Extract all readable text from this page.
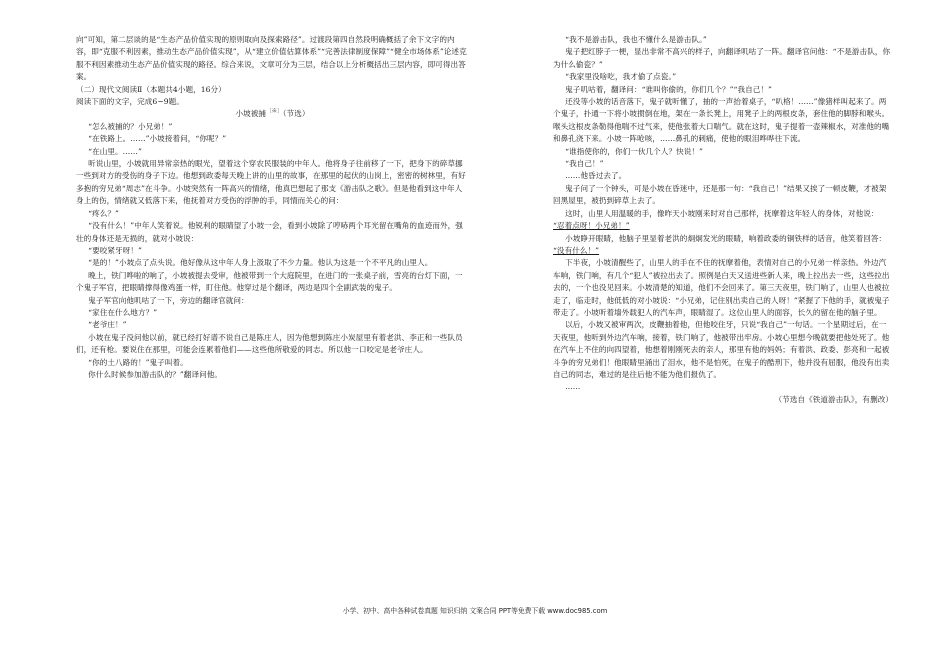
向”可知，第二层谈的是“生态产品价值实现的原则取向及探索路径”。过渡段第四自然段明确概括了余下文字的内容，即“克服不利因素，推动生态产品价值实现”，从“建立价值估算体系”“完善法律制度保障”“健全市场体系”论述克服不利因素推动生态产品价值实现的路径。综合来说，文章可分为三层，结合以上分析概括出三层内容，即可得出答案。

（二）现代文阅读Ⅱ（本题共4小题，16分）

阅读下面的文字，完成6~9题。

小坡被捕〔※〕（节选）

“怎么被捕的？小兄弟！”

“在铁路上。……”小坡接着问，“你呢？”

“在山里。……”

听说山里，小坡就用异常亲热的眼光，望着这个穿农民服装的中年人。他将身子往前移了一下，把身下的碎草挪一些到对方的受伤的身子下边。他想到政委每天晚上讲的山里的故事，在那里的起伏的山岗上，密密的树林里，有好多抱的穷兄弟“周志”在斗争。小坡突然有一阵高兴的情绪，他真巴想起了那支《游击队之歌》。但是他看到这中年人身上的伤，情绪就又低落下来，他抚着对方受伤的浮肿的手，同情而关心的问：

“疼么？”

“没有什么！”中年人笑着说。他锐利的眼睛望了小坡一会，看到小坡除了哼哧两个耳光留在嘴角的血迹而外，强壮的身体还是无损的，就对小坡说：

“要咬紧牙呀！”

“是的！”小坡点了点头说。他好像从这中年人身上汲取了不少力量。他认为这是一个不平凡的山里人。

晚上，铁门哗啦的响了，小坡被提去受审，他被带到一个大庭院里，在进门的一张桌子前，雪亮的台灯下面，一个鬼子军官，把眼睛撑得像鸡蛋一样，盯住他。他穿过是个翻译，两边是四个全副武装的鬼子。

鬼子军官向他叽咕了一下，旁边的翻译官就问：

“家住在什么地方？”

“老爷庄！”

小坡在鬼子没问他以前，就已经打好谱不说自己是陈庄人，因为他想到陈庄小炭屋里有着老洪、李正和一些队员们，还有枪。要说住在那里，可能会连累着他们——这些他所敬爱的同志。所以他一口咬定是老爷庄人。

“你的土八路的！”鬼子叫着。

你什么时候参加游击队的？”翻译问他。

“我不是游击队，我也不懂什么是游击队。”

鬼子把红脖子一梗，显出非常不高兴的样子，向翻译叽咕了一阵。翻译官问他：“不是游击队，你为什么偷瓷？”

“我家里没啥吃，我才偷了点瓷。”

鬼子叽咕着，翻译问：“谁叫你偷的，你们几个？”“我自己！”

还没等小坡的话音落下，鬼子就听懂了，抽的一声抬着桌子，“叭格！……”像猪样叫起来了。两个鬼子，扑通一下将小坡掼倒在地，架在一条长凳上，用凳子上的两根皮条，套住他的脚脖和喉头。喉头这根皮条勒得他喘不过气来，使他张着大口喘气。就在这时，鬼子提着一壶辣椒水，对准他的嘴和鼻孔浇下来。小坡一阵呛咳，……鼻孔的刺痛，使他的眼泪哗哗往下流。

“谁指使你的，你们一伙几个人？快说！”

“我自己！”

……他昏过去了。

鬼子问了一个钟头，可是小坡在昏迷中，还是那一句：“我自己！”结果又挨了一顿皮鞭，才被架回黑屋里，被扔到碎草上去了。

这时，山里人用温暖的手，像昨天小坡刚来时对自己那样，抚摩着这年轻人的身体，对他说：

“忍着点呀！小兄弟！”

小坡睁开眼睛，他脑子里显着老洪的炯炯发光的眼睛，响着政委的铜铁样的话音，他笑着回答：

“没有什么！”

下半夜，小坡清醒些了，山里人的手在不住的抚摩着他，表情对自己的小兄弟一样亲热。外边汽车响，铁门响，有几个“犯人”被拉出去了。照例是白天又送进些新人来，晚上拉出去一些，这些拉出去的，一个也没见回来。小坡清楚的知道，他们不会回来了。第三天夜里，铁门响了，山里人也被拉走了，临走时，他低低的对小坡说：“小兄弟，记住别出卖自己的人呀！”紧握了下他的手，就被鬼子带走了。小坡听着墙外载犯人的汽车声，眼睛湿了。这位山里人的面容，长久的留在他的脑子里。

以后，小坡又被审两次，皮鞭抽着他，但他咬住牙，只说“我自己”一句话。一个星期过后，在一天夜里，他听到外边汽车响，接着，铁门响了，他被带出牢房。小坡心里想今晚就要把他处死了。他在汽车上不住的向四望着，他想着刚刚死去的亲人，那里有他的妈妈；有着洪、政委、彭亮和一起被斗争的穷兄弟们！他眼睛里涌出了泪水，他不是怕死，在鬼子的酷刑下，他并没有屈服，他没有出卖自己的同志，难过的是往后他不能为他们报仇了。

……

（节选自《铁道游击队》，有删改）

小学、初中、高中各种试卷真题 知识归纳 文案合同 PPT等免费下载 www.doc985.com
